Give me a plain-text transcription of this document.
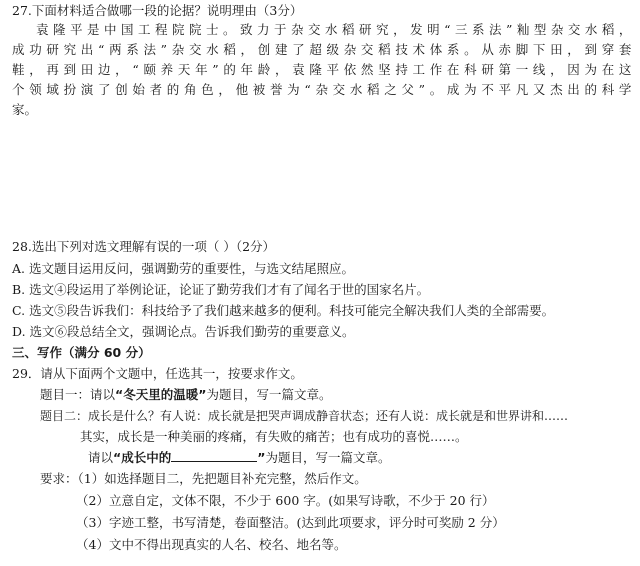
27.下面材料适合做哪一段的论据？说明理由（3分）
袁隆平是中国工程院院士。致力于杂交水稻研究，发明“三系法”籼型杂交水稻，
成功研究出“两系法”杂交水稻，创建了超级杂交稻技术体系。从赤脚下田，到穿套
鞋，再到田边，“颐养天年”的年龄，袁隆平依然坚持工作在科研第一线，因为在这
个领域扮演了创始者的角色，他被誉为“杂交水稻之父”。成为不平凡又杰出的科学
家。
28.选出下列对选文理解有误的一项（ ）（2分）
A. 选文题目运用反问，强调勤劳的重要性，与选文结尾照应。
B. 选文④段运用了举例论证，论证了勤劳我们才有了闻名于世的国家名片。
C. 选文⑤段告诉我们：科技给予了我们越来越多的便利。科技可能完全解决我们人类的全部需要。
D. 选文⑥段总结全文，强调论点。告诉我们勤劳的重要意义。
三、写作（满分 60 分）
29．请从下面两个文题中，任选其一，按要求作文。
题目一：请以“冬天里的温暖”为题目，写一篇文章。
题目二：成长是什么？有人说：成长就是把哭声调成静音状态；还有人说：成长就是和世界讲和……
其实，成长是一种美丽的疼痛，有失败的痛苦；也有成功的喜悦……。
请以“成长中的	”为题目，写一篇文章。
要求：（1）如选择题目二，先把题目补充完整，然后作文。
（2）立意自定，文体不限，不少于 600 字。(如果写诗歌，不少于 20 行）
（3）字迹工整，书写清楚，卷面整洁。(达到此项要求，评分时可奖励 2 分）
（4）文中不得出现真实的人名、校名、地名等。
